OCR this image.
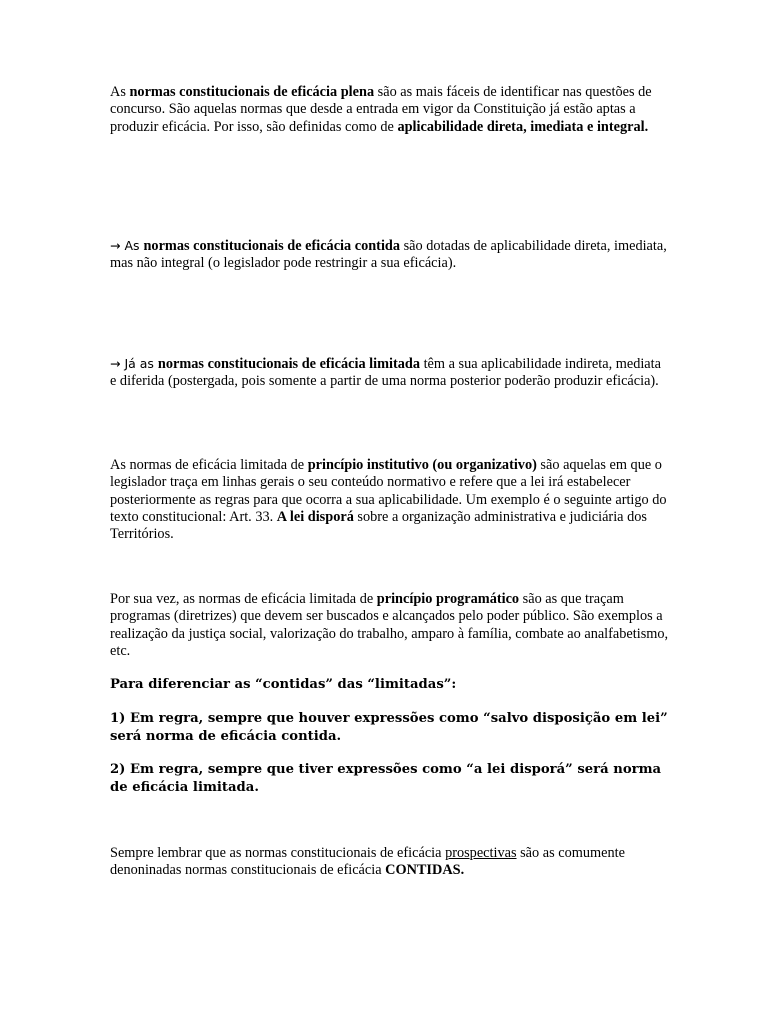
As normas constitucionais de eficácia plena são as mais fáceis de identificar nas questões de concurso. São aquelas normas que desde a entrada em vigor da Constituição já estão aptas a produzir eficácia. Por isso, são definidas como de aplicabilidade direta, imediata e integral.

→ As normas constitucionais de eficácia contida são dotadas de aplicabilidade direta, imediata, mas não integral (o legislador pode restringir a sua eficácia).

→ Já as normas constitucionais de eficácia limitada têm a sua aplicabilidade indireta, mediata e diferida (postergada, pois somente a partir de uma norma posterior poderão produzir eficácia).

As normas de eficácia limitada de princípio institutivo (ou organizativo) são aquelas em que o legislador traça em linhas gerais o seu conteúdo normativo e refere que a lei irá estabelecer posteriormente as regras para que ocorra a sua aplicabilidade. Um exemplo é o seguinte artigo do texto constitucional: Art. 33. A lei disporá sobre a organização administrativa e judiciária dos Territórios.

Por sua vez, as normas de eficácia limitada de princípio programático são as que traçam programas (diretrizes) que devem ser buscados e alcançados pelo poder público. São exemplos a realização da justiça social, valorização do trabalho, amparo à família, combate ao analfabetismo, etc.

Para diferenciar as “contidas” das “limitadas”:

1) Em regra, sempre que houver expressões como “salvo disposição em lei” será norma de eficácia contida.

2) Em regra, sempre que tiver expressões como “a lei disporá” será norma de eficácia limitada.

Sempre lembrar que as normas constitucionais de eficácia prospectivas são as comumente denoninadas normas constitucionais de eficácia CONTIDAS.
